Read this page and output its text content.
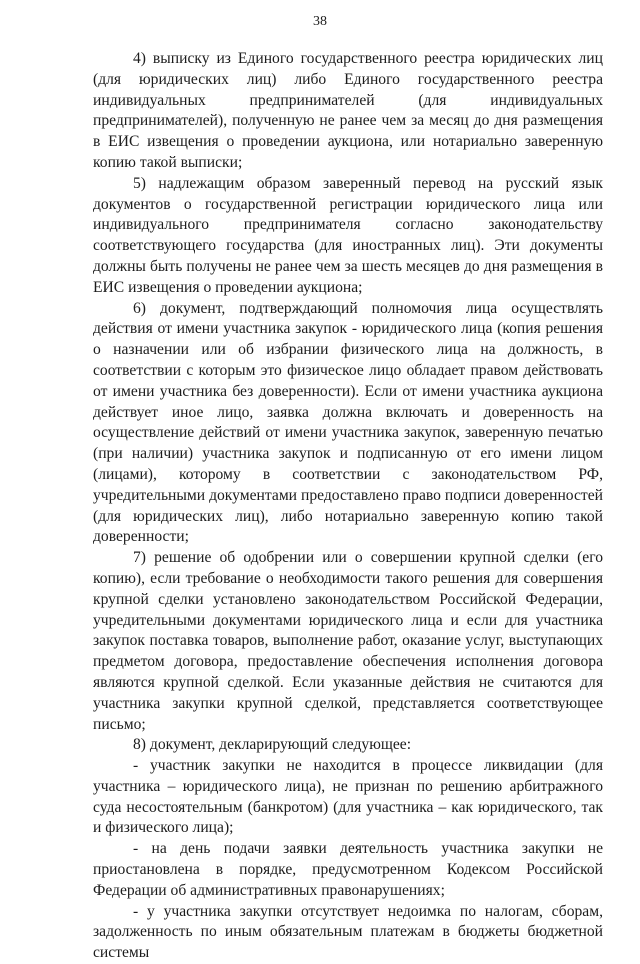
38

4) выписку из Единого государственного реестра юридических лиц (для юридических лиц) либо Единого государственного реестра индивидуальных предпринимателей (для индивидуальных предпринимателей), полученную не ранее чем за месяц до дня размещения в ЕИС извещения о проведении аукциона, или нотариально заверенную копию такой выписки;

5) надлежащим образом заверенный перевод на русский язык документов о государственной регистрации юридического лица или индивидуального предпринимателя согласно законодательству соответствующего государства (для иностранных лиц). Эти документы должны быть получены не ранее чем за шесть месяцев до дня размещения в ЕИС извещения о проведении аукциона;

6) документ, подтверждающий полномочия лица осуществлять действия от имени участника закупок - юридического лица (копия решения о назначении или об избрании физического лица на должность, в соответствии с которым это физическое лицо обладает правом действовать от имени участника без доверенности). Если от имени участника аукциона действует иное лицо, заявка должна включать и доверенность на осуществление действий от имени участника закупок, заверенную печатью (при наличии) участника закупок и подписанную от его имени лицом (лицами), которому в соответствии с законодательством РФ, учредительными документами предоставлено право подписи доверенностей (для юридических лиц), либо нотариально заверенную копию такой доверенности;

7) решение об одобрении или о совершении крупной сделки (его копию), если требование о необходимости такого решения для совершения крупной сделки установлено законодательством Российской Федерации, учредительными документами юридического лица и если для участника закупок поставка товаров, выполнение работ, оказание услуг, выступающих предметом договора, предоставление обеспечения исполнения договора являются крупной сделкой. Если указанные действия не считаются для участника закупки крупной сделкой, представляется соответствующее письмо;

8) документ, декларирующий следующее:

- участник закупки не находится в процессе ликвидации (для участника – юридического лица), не признан по решению арбитражного суда несостоятельным (банкротом) (для участника – как юридического, так и физического лица);

- на день подачи заявки деятельность участника закупки не приостановлена в порядке, предусмотренном Кодексом Российской Федерации об административных правонарушениях;

- у участника закупки отсутствует недоимка по налогам, сборам, задолженность по иным обязательным платежам в бюджеты бюджетной системы
